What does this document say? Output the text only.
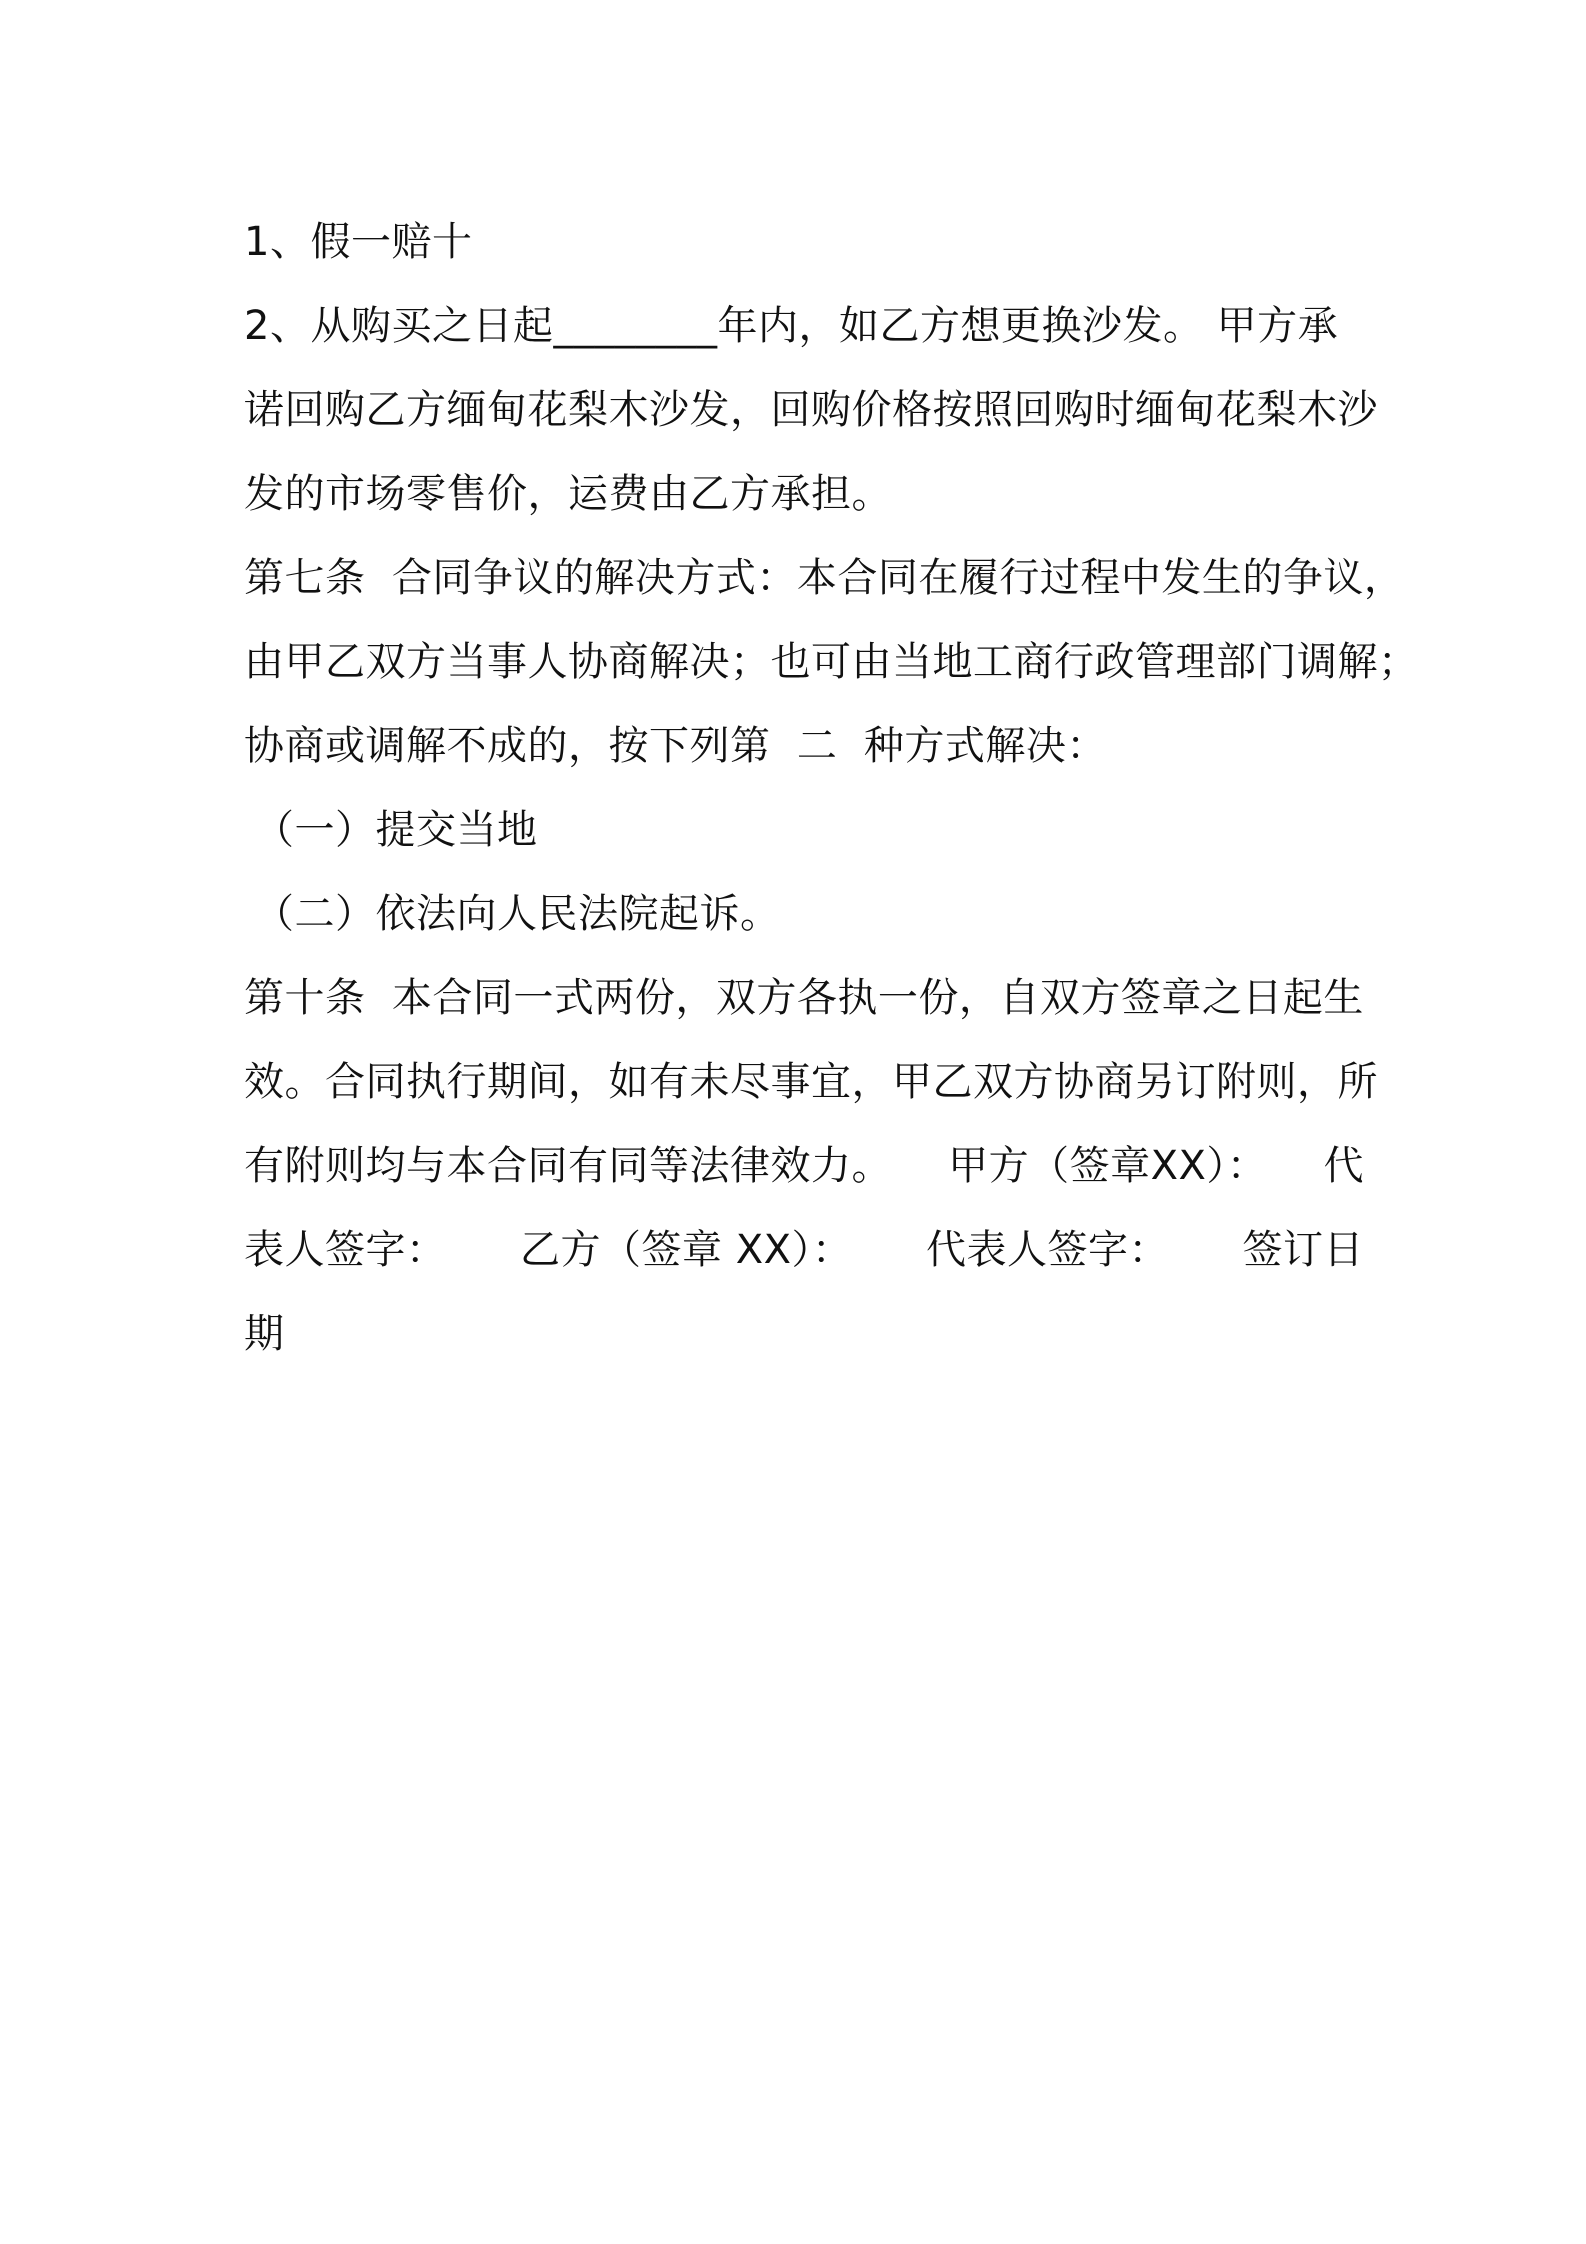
1、假一赔十
2、从购买之日起________年内，如乙方想更换沙发。 甲方承
诺回购乙方缅甸花梨木沙发，回购价格按照回购时缅甸花梨木沙
发的市场零售价，运费由乙方承担。
第七条  合同争议的解决方式：本合同在履行过程中发生的争议，
由甲乙双方当事人协商解决；也可由当地工商行政管理部门调解；
协商或调解不成的，按下列第  二  种方式解决：
（一）提交当地
（二）依法向人民法院起诉。
第十条  本合同一式两份，双方各执一份，自双方签章之日起生
效。合同执行期间，如有未尽事宜，甲乙双方协商另订附则，所
有附则均与本合同有同等法律效力。 甲方（签章XX）： 代
表人签字： 乙方（签章 XX）： 代表人签字： 签订日
期
